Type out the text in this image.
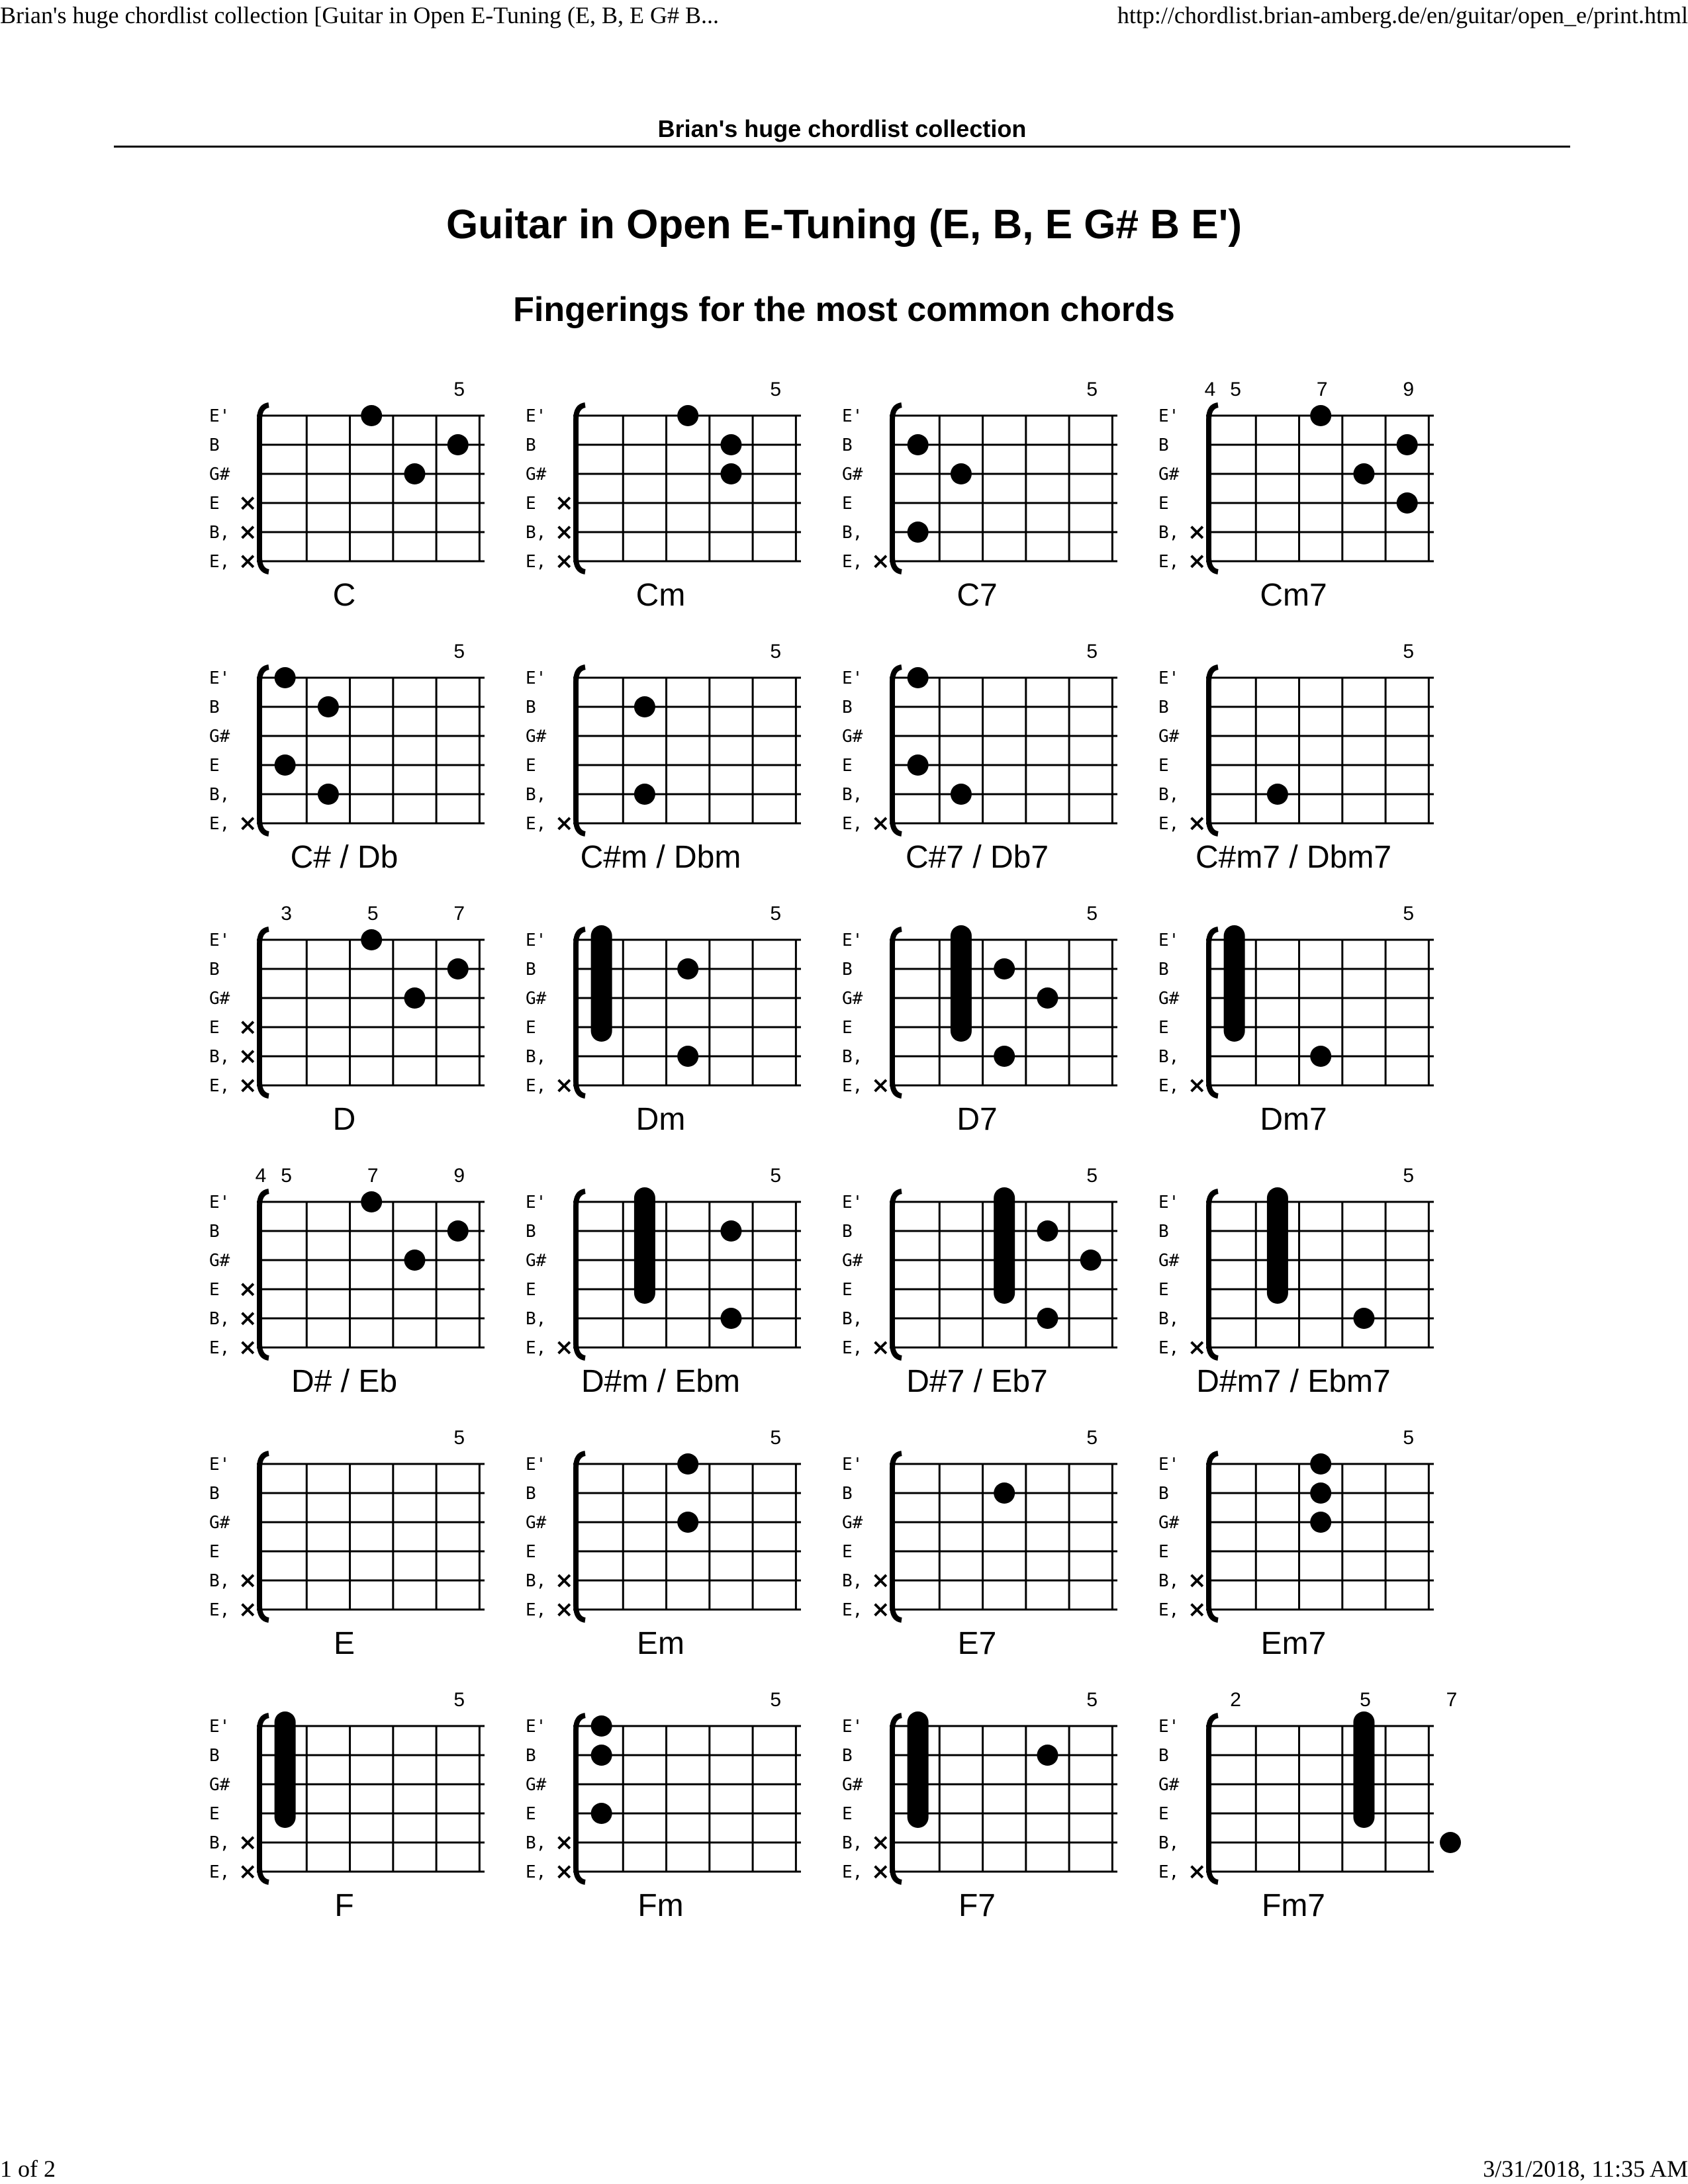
Brian's huge chordlist collection [Guitar in Open E-Tuning (E, B, E G# B...	http://chordlist.brian-amberg.de/en/guitar/open_e/print.html
Brian's huge chordlist collection
Guitar in Open E-Tuning (E, B, E G# B E')
Fingerings for the most common chords
E'
B
G#
E
B,
E,
×
×
×
5
C
E'
B
G#
E
B,
E,
×
×
×
5
Cm
E'
B
G#
E
B,
E, ×
5
C7
E'
B
G#
E
B,
E,
×
×
4 5	7	9
Cm7
E'
B
G#
E
B,
E, ×
5
C# / Db
E'
B
G#
E
B,
E, ×
5
C#m / Dbm
E'
B
G#
E
B,
E, ×
5
C#7 / Db7
E'
B
G#
E
B,
E, ×
5
C#m7 / Dbm7
E'
B
G#
E
B,
E,
×
×
×
3	5	7
D
E'
B
G#
E
B,
E, ×
5
Dm
E'
B
G#
E
B,
E, ×
5
D7
E'
B
G#
E
B,
E, ×
5
Dm7
E'
B
G#
E
B,
E,
×
×
×
4 5	7	9
D# / Eb
E'
B
G#
E
B,
E, ×
5
D#m / Ebm
E'
B
G#
E
B,
E, ×
5
D#7 / Eb7
E'
B
G#
E
B,
E, ×
5
D#m7 / Ebm7
E'
B
G#
E
B,
E,
×
×
5
E
E'
B
G#
E
B,
E,
×
×
5
Em
E'
B
G#
E
B,
E,
×
×
5
E7
E'
B
G#
E
B,
E,
×
×
5
Em7
E'
B
G#
E
B,
E,
×
×
5
F
E'
B
G#
E
B,
E,
×
×
5
Fm
E'
B
G#
E
B,
E,
×
×
5
F7
E'
B
G#
E
B,
E, ×
2	5	7
Fm7
1 of 2	3/31/2018, 11:35 AM
